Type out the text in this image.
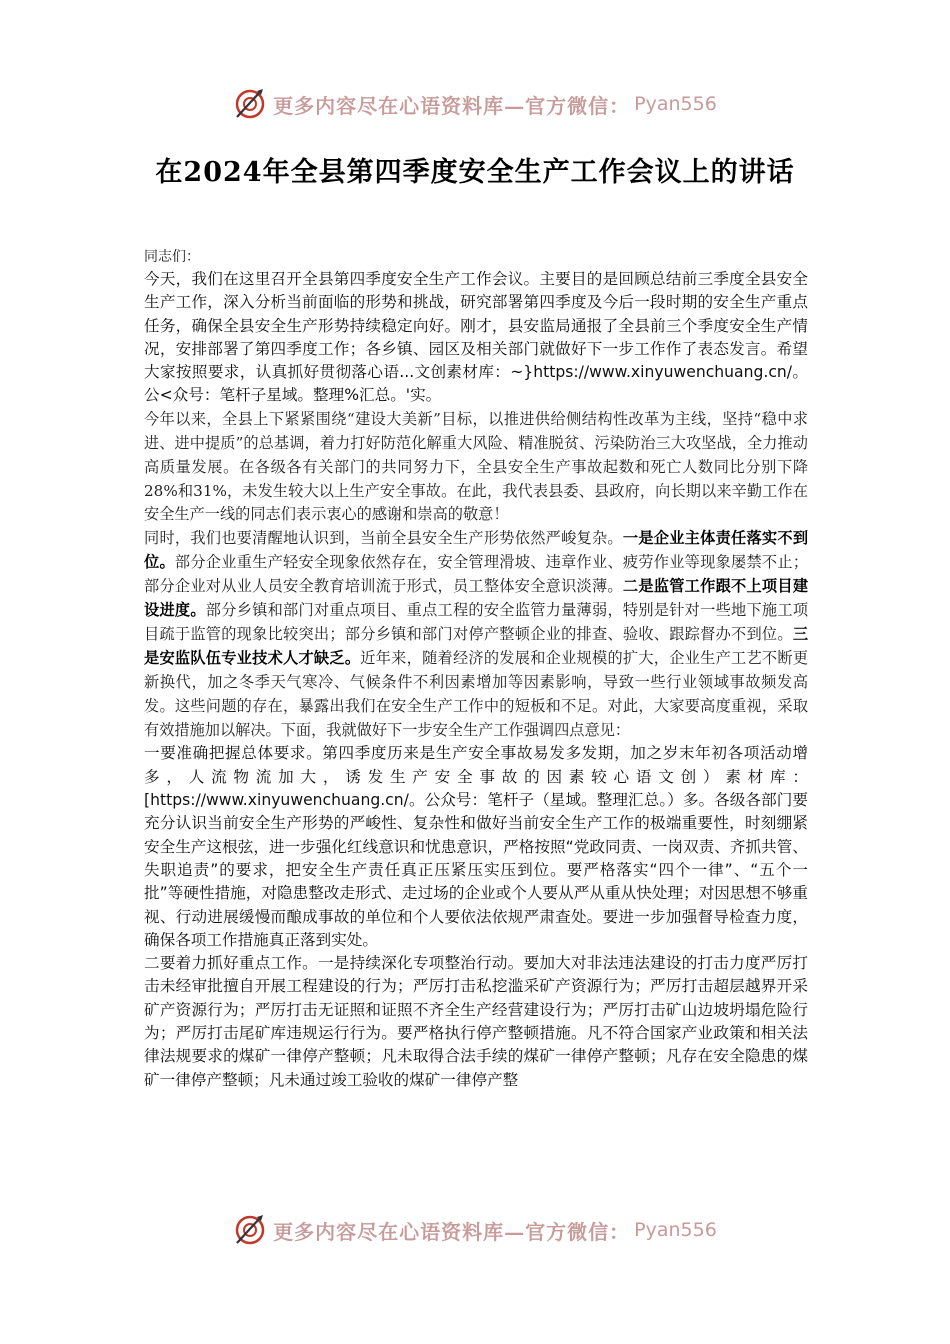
更多内容尽在心语资料库—官方微信： Pyan556
在2024年全县第四季度安全生产工作会议上的讲话

同志们：

今天，我们在这里召开全县第四季度安全生产工作会议。主要目的是回顾总结前三季度全县安全生产工作，深入分析当前面临的形势和挑战，研究部署第四季度及今后一段时期的安全生产重点任务，确保全县安全生产形势持续稳定向好。刚才，县安监局通报了全县前三个季度安全生产情况，安排部署了第四季度工作；各乡镇、园区及相关部门就做好下一步工作作了表态发言。希望大家按照要求，认真抓好贯彻落心语...文创素材库：~}https://www.xinyuwenchuang.cn/。公<众号：笔杆子星域。整理%汇总。'实。

今年以来，全县上下紧紧围绕“建设大美新”目标，以推进供给侧结构性改革为主线，坚持“稳中求进、进中提质”的总基调，着力打好防范化解重大风险、精准脱贫、污染防治三大攻坚战，全力推动高质量发展。在各级各有关部门的共同努力下，全县安全生产事故起数和死亡人数同比分别下降28%和31%，未发生较大以上生产安全事故。在此，我代表县委、县政府，向长期以来辛勤工作在安全生产一线的同志们表示衷心的感谢和崇高的敬意！

同时，我们也要清醒地认识到，当前全县安全生产形势依然严峻复杂。一是企业主体责任落实不到位。部分企业重生产轻安全现象依然存在，安全管理滑坡、违章作业、疲劳作业等现象屡禁不止；部分企业对从业人员安全教育培训流于形式，员工整体安全意识淡薄。二是监管工作跟不上项目建设进度。部分乡镇和部门对重点项目、重点工程的安全监管力量薄弱，特别是针对一些地下施工项目疏于监管的现象比较突出；部分乡镇和部门对停产整顿企业的排查、验收、跟踪督办不到位。三是安监队伍专业技术人才缺乏。近年来，随着经济的发展和企业规模的扩大，企业生产工艺不断更新换代，加之冬季天气寒冷、气候条件不利因素增加等因素影响，导致一些行业领域事故频发高发。这些问题的存在，暴露出我们在安全生产工作中的短板和不足。对此，大家要高度重视，采取有效措施加以解决。下面，我就做好下一步安全生产工作强调四点意见：

一要准确把握总体要求。第四季度历来是生产安全事故易发多发期，加之岁末年初各项活动增多，人流物流加大，诱发生产安全事故的因素较心语文创）素材库：[https://www.xinyuwenchuang.cn/。公众号：笔杆子（星域。整理汇总。）多。各级各部门要充分认识当前安全生产形势的严峻性、复杂性和做好当前安全生产工作的极端重要性，时刻绷紧安全生产这根弦，进一步强化红线意识和忧患意识，严格按照“党政同责、一岗双责、齐抓共管、失职追责”的要求，把安全生产责任真正压紧压实压到位。要严格落实“四个一律”、“五个一批”等硬性措施，对隐患整改走形式、走过场的企业或个人要从严从重从快处理；对因思想不够重视、行动进展缓慢而酿成事故的单位和个人要依法依规严肃查处。要进一步加强督导检查力度，确保各项工作措施真正落到实处。

二要着力抓好重点工作。一是持续深化专项整治行动。要加大对非法违法建设的打击力度严厉打击未经审批擅自开展工程建设的行为；严厉打击私挖滥采矿产资源行为；严厉打击超层越界开采矿产资源行为；严厉打击无证照和证照不齐全生产经营建设行为；严厉打击矿山边坡坍塌危险行为；严厉打击尾矿库违规运行行为。要严格执行停产整顿措施。凡不符合国家产业政策和相关法律法规要求的煤矿一律停产整顿；凡未取得合法手续的煤矿一律停产整顿；凡存在安全隐患的煤矿一律停产整顿；凡未通过竣工验收的煤矿一律停产整

更多内容尽在心语资料库—官方微信： Pyan556
